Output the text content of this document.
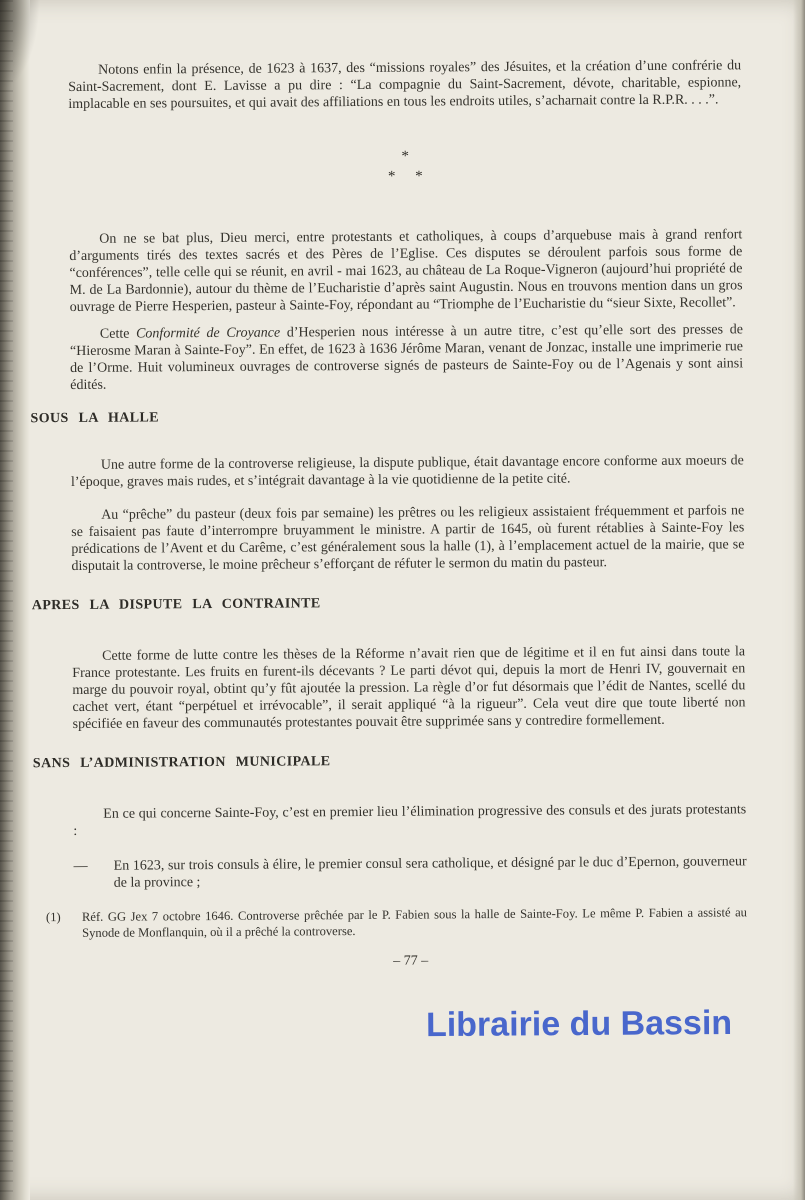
Notons enfin la présence, de 1623 à 1637, des “missions royales” des Jésuites, et la création d’une confrérie du Saint-Sacrement, dont E. Lavisse a pu dire : “La compagnie du Saint-Sacrement, dévote, charitable, espionne, implacable en ses poursuites, et qui avait des affiliations en tous les endroits utiles, s’acharnait contre la R.P.R. . . .”.

*
* *

On ne se bat plus, Dieu merci, entre protestants et catholiques, à coups d’arquebuse mais à grand renfort d’arguments tirés des textes sacrés et des Pères de l’Eglise. Ces disputes se déroulent parfois sous forme de “conférences”, telle celle qui se réunit, en avril - mai 1623, au château de La Roque-Vigneron (aujourd’hui propriété de M. de La Bardonnie), autour du thème de l’Eucharistie d’après saint Augustin. Nous en trouvons mention dans un gros ouvrage de Pierre Hesperien, pasteur à Sainte-Foy, répondant au “Triomphe de l’Eucharistie du “sieur Sixte, Recollet”.

Cette Conformité de Croyance d’Hesperien nous intéresse à un autre titre, c’est qu’elle sort des presses de “Hierosme Maran à Sainte-Foy”. En effet, de 1623 à 1636 Jérôme Maran, venant de Jonzac, installe une imprimerie rue de l’Orme. Huit volumineux ouvrages de controverse signés de pasteurs de Sainte-Foy ou de l’Agenais y sont ainsi édités.

SOUS LA HALLE

Une autre forme de la controverse religieuse, la dispute publique, était davantage encore conforme aux moeurs de l’époque, graves mais rudes, et s’intégrait davantage à la vie quotidienne de la petite cité.

Au “prêche” du pasteur (deux fois par semaine) les prêtres ou les religieux assistaient fréquemment et parfois ne se faisaient pas faute d’interrompre bruyamment le ministre. A partir de 1645, où furent rétablies à Sainte-Foy les prédications de l’Avent et du Carême, c’est généralement sous la halle (1), à l’emplacement actuel de la mairie, que se disputait la controverse, le moine prêcheur s’efforçant de réfuter le sermon du matin du pasteur.

APRES LA DISPUTE LA CONTRAINTE

Cette forme de lutte contre les thèses de la Réforme n’avait rien que de légitime et il en fut ainsi dans toute la France protestante. Les fruits en furent-ils décevants ? Le parti dévot qui, depuis la mort de Henri IV, gouvernait en marge du pouvoir royal, obtint qu’y fût ajoutée la pression. La règle d’or fut désormais que l’édit de Nantes, scellé du cachet vert, étant “perpétuel et irrévocable”, il serait appliqué “à la rigueur”. Cela veut dire que toute liberté non spécifiée en faveur des communautés protestantes pouvait être supprimée sans y contredire formellement.

SANS L’ADMINISTRATION MUNICIPALE

En ce qui concerne Sainte-Foy, c’est en premier lieu l’élimination progressive des consuls et des jurats protestants :

—	En 1623, sur trois consuls à élire, le premier consul sera catholique, et désigné par le duc d’Epernon, gouverneur de la province ;
(1)	Réf. GG Jex 7 octobre 1646. Controverse prêchée par le P. Fabien sous la halle de Sainte-Foy. Le même P. Fabien a assisté au Synode de Monflanquin, où il a prêché la controverse.

– 77 –

Librairie du Bassin
